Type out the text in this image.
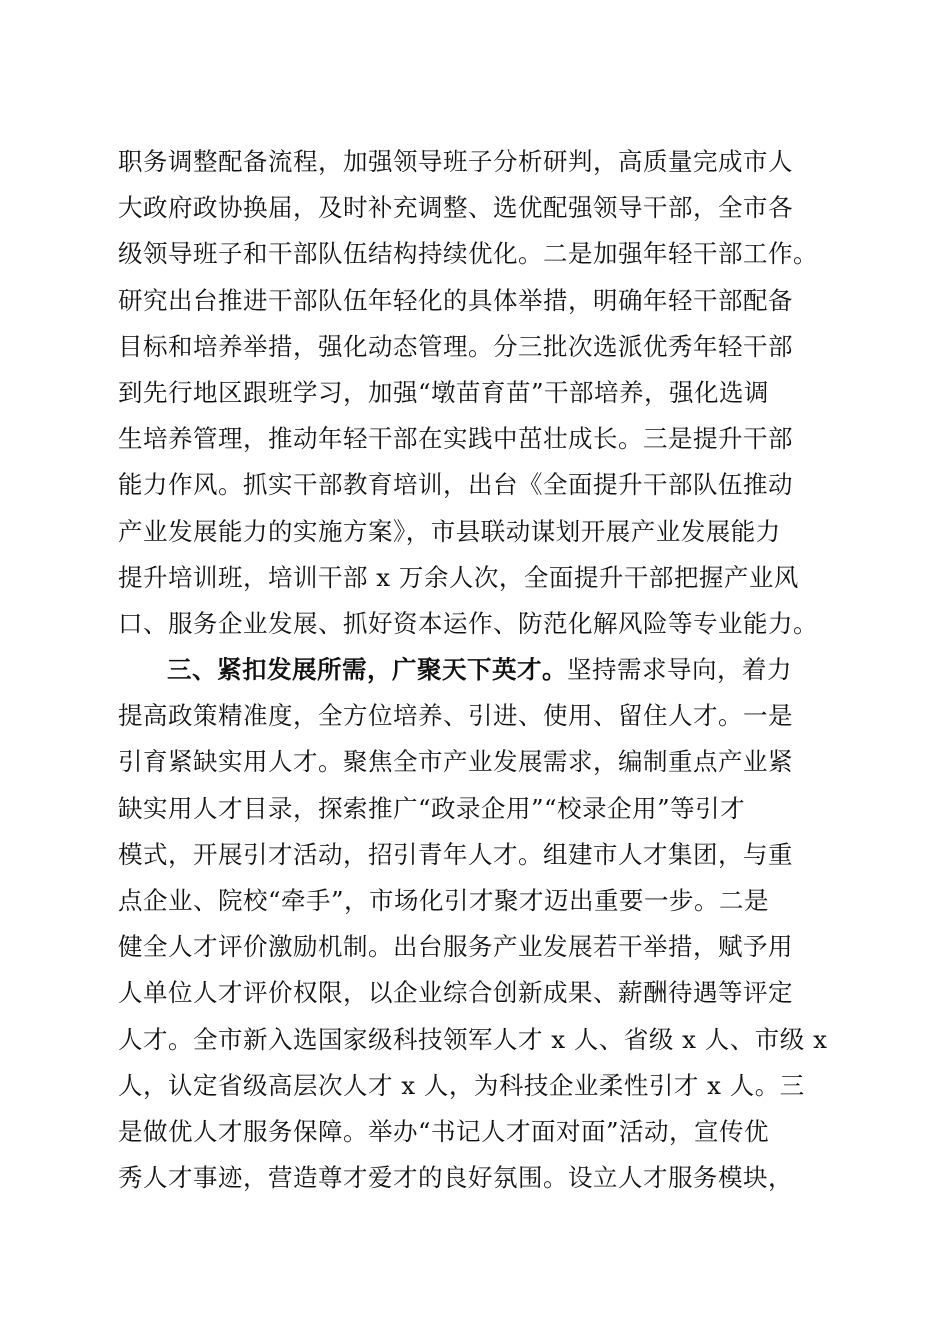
职务调整配备流程，加强领导班子分析研判，高质量完成市人
大政府政协换届，及时补充调整、选优配强领导干部，全市各
级领导班子和干部队伍结构持续优化。二是加强年轻干部工作。
研究出台推进干部队伍年轻化的具体举措，明确年轻干部配备
目标和培养举措，强化动态管理。分三批次选派优秀年轻干部
到先行地区跟班学习，加强“墩苗育苗”干部培养，强化选调
生培养管理，推动年轻干部在实践中茁壮成长。三是提升干部
能力作风。抓实干部教育培训，出台《全面提升干部队伍推动
产业发展能力的实施方案》，市县联动谋划开展产业发展能力
提升培训班，培训干部 x 万余人次，全面提升干部把握产业风
口、服务企业发展、抓好资本运作、防范化解风险等专业能力。
三、紧扣发展所需，广聚天下英才。坚持需求导向，着力
提高政策精准度，全方位培养、引进、使用、留住人才。一是
引育紧缺实用人才。聚焦全市产业发展需求，编制重点产业紧
缺实用人才目录，探索推广“政录企用”“校录企用”等引才
模式，开展引才活动，招引青年人才。组建市人才集团，与重
点企业、院校“牵手”，市场化引才聚才迈出重要一步。二是
健全人才评价激励机制。出台服务产业发展若干举措，赋予用
人单位人才评价权限，以企业综合创新成果、薪酬待遇等评定
人才。全市新入选国家级科技领军人才 x 人、省级 x 人、市级 x
人，认定省级高层次人才 x 人，为科技企业柔性引才 x 人。三
是做优人才服务保障。举办“书记人才面对面”活动，宣传优
秀人才事迹，营造尊才爱才的良好氛围。设立人才服务模块，
